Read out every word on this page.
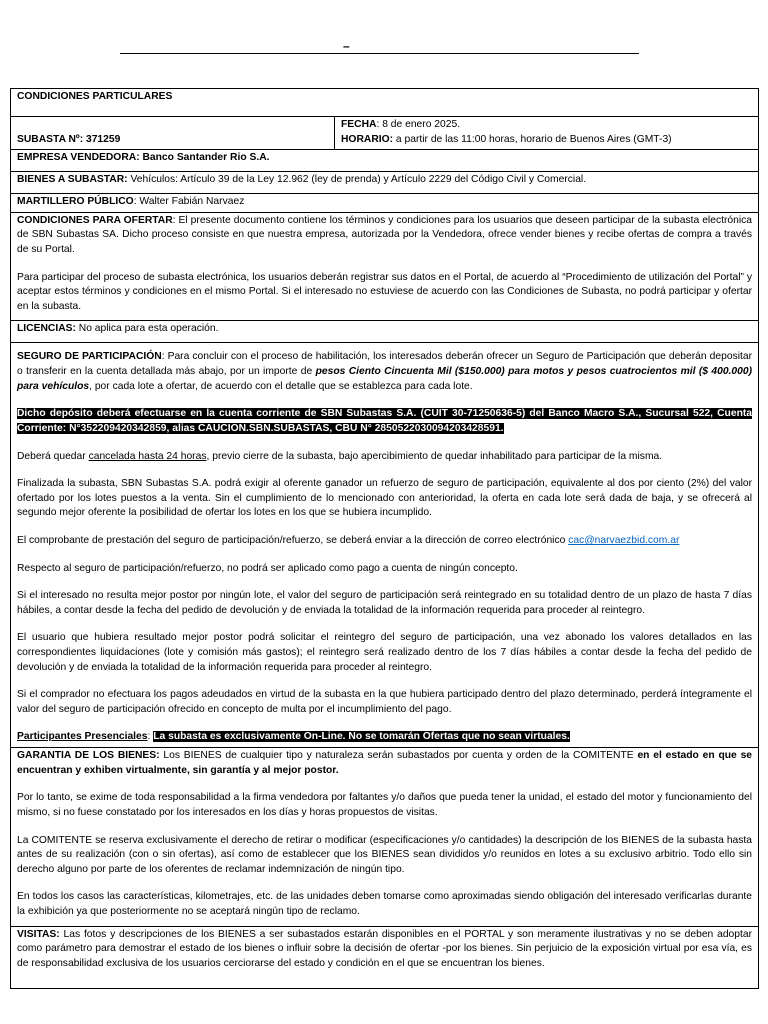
–
CONDICIONES PARTICULARES
SUBASTA Nº: 371259	
FECHA: 8 de enero 2025.
HORARIO: a partir de las 11:00 horas, horario de Buenos Aires (GMT-3)

EMPRESA VENDEDORA: Banco Santander Rio S.A.
BIENES A SUBASTAR: Vehículos: Artículo 39 de la Ley 12.962 (ley de prenda) y Artículo 2229 del Código Civil y Comercial.
MARTILLERO PÚBLICO: Walter Fabián Narvaez

CONDICIONES PARA OFERTAR: El presente documento contiene los términos y condiciones para los usuarios que deseen participar de la subasta electrónica de SBN Subastas SA. Dicho proceso consiste en que nuestra empresa, autorizada por la Vendedora, ofrece vender bienes y recibe ofertas de compra a través de su Portal.

Para participar del proceso de subasta electrónica, los usuarios deberán registrar sus datos en el Portal, de acuerdo al “Procedimiento de utilización del Portal” y aceptar estos términos y condiciones en el mismo Portal. Si el interesado no estuviese de acuerdo con las Condiciones de Subasta, no podrá participar y ofertar en la subasta.

LICENCIAS: No aplica para esta operación.

SEGURO DE PARTICIPACIÓN: Para concluir con el proceso de habilitación, los interesados deberán ofrecer un Seguro de Participación que deberán depositar o transferir en la cuenta detallada más abajo, por un importe de pesos Ciento Cincuenta Mil ($150.000) para motos y pesos cuatrocientos mil ($ 400.000) para vehículos, por cada lote a ofertar, de acuerdo con el detalle que se establezca para cada lote.

Dicho depósito deberá efectuarse en la cuenta corriente de SBN Subastas S.A. (CUIT 30-71250636-5) del Banco Macro S.A., Sucursal 522, Cuenta Corriente: N°352209420342859, alias CAUCION.SBN.SUBASTAS, CBU N° 2850522030094203428591.

Deberá quedar cancelada hasta 24 horas, previo cierre de la subasta, bajo apercibimiento de quedar inhabilitado para participar de la misma.

Finalizada la subasta, SBN Subastas S.A. podrá exigir al oferente ganador un refuerzo de seguro de participación, equivalente al dos por ciento (2%) del valor ofertado por los lotes puestos a la venta. Sin el cumplimiento de lo mencionado con anterioridad, la oferta en cada lote será dada de baja, y se ofrecerá al segundo mejor oferente la posibilidad de ofertar los lotes en los que se hubiera incumplido.

El comprobante de prestación del seguro de participación/refuerzo, se deberá enviar a la dirección de correo electrónico cac@narvaezbid.com.ar

Respecto al seguro de participación/refuerzo, no podrá ser aplicado como pago a cuenta de ningún concepto.

Si el interesado no resulta mejor postor por ningún lote, el valor del seguro de participación será reintegrado en su totalidad dentro de un plazo de hasta 7 días hábiles, a contar desde la fecha del pedido de devolución y de enviada la totalidad de la información requerida para proceder al reintegro.

El usuario que hubiera resultado mejor postor podrá solicitar el reintegro del seguro de participación, una vez abonado los valores detallados en las correspondientes liquidaciones (lote y comisión más gastos); el reintegro será realizado dentro de los 7 días hábiles a contar desde la fecha del pedido de devolución y de enviada la totalidad de la información requerida para proceder al reintegro.

Si el comprador no efectuara los pagos adeudados en virtud de la subasta en la que hubiera participado dentro del plazo determinado, perderá íntegramente el valor del seguro de participación ofrecido en concepto de multa por el incumplimiento del pago.

Participantes Presenciales: La subasta es exclusivamente On-Line. No se tomarán Ofertas que no sean virtuales.

GARANTIA DE LOS BIENES: Los BIENES de cualquier tipo y naturaleza serán subastados por cuenta y orden de la COMITENTE en el estado en que se encuentran y exhiben virtualmente, sin garantía y al mejor postor.

Por lo tanto, se exime de toda responsabilidad a la firma vendedora por faltantes y/o daños que pueda tener la unidad, el estado del motor y funcionamiento del mismo, si no fuese constatado por los interesados en los días y horas propuestos de visitas.

La COMITENTE se reserva exclusivamente el derecho de retirar o modificar (especificaciones y/o cantidades) la descripción de los BIENES de la subasta hasta antes de su realización (con o sin ofertas), así como de establecer que los BIENES sean divididos y/o reunidos en lotes a su exclusivo arbitrio. Todo ello sin derecho alguno por parte de los oferentes de reclamar indemnización de ningún tipo.

En todos los casos las características, kilometrajes, etc. de las unidades deben tomarse como aproximadas siendo obligación del interesado verificarlas durante la exhibición ya que posteriormente no se aceptará ningún tipo de reclamo.

VISITAS: Las fotos y descripciones de los BIENES a ser subastados estarán disponibles en el PORTAL y son meramente ilustrativas y no se deben adoptar como parámetro para demostrar el estado de los bienes o influir sobre la decisión de ofertar -por los bienes. Sin perjuicio de la exposición virtual por esa vía, es de responsabilidad exclusiva de los usuarios cerciorarse del estado y condición en el que se encuentran los bienes.
